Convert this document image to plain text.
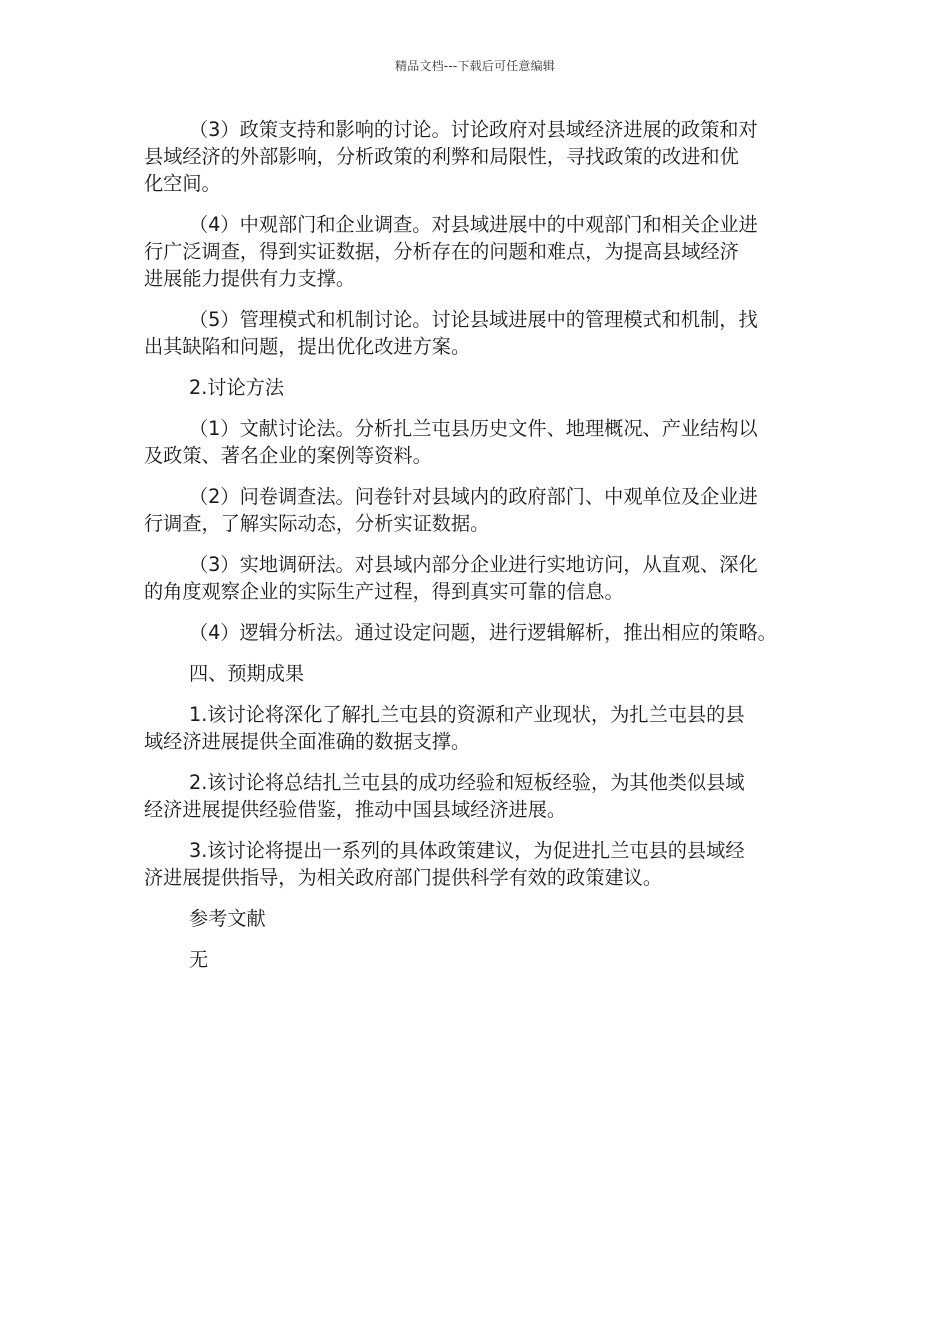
精品文档---下载后可任意编辑

（3）政策支持和影响的讨论。讨论政府对县域经济进展的政策和对
县域经济的外部影响，分析政策的利弊和局限性，寻找政策的改进和优
化空间。

（4）中观部门和企业调查。对县域进展中的中观部门和相关企业进
行广泛调查，得到实证数据，分析存在的问题和难点，为提高县域经济
进展能力提供有力支撑。

（5）管理模式和机制讨论。讨论县域进展中的管理模式和机制，找
出其缺陷和问题，提出优化改进方案。

2.讨论方法

（1）文献讨论法。分析扎兰屯县历史文件、地理概况、产业结构以
及政策、著名企业的案例等资料。

（2）问卷调查法。问卷针对县域内的政府部门、中观单位及企业进
行调查，了解实际动态，分析实证数据。

（3）实地调研法。对县域内部分企业进行实地访问，从直观、深化
的角度观察企业的实际生产过程，得到真实可靠的信息。

（4）逻辑分析法。通过设定问题，进行逻辑解析，推出相应的策略。

四、预期成果

1.该讨论将深化了解扎兰屯县的资源和产业现状，为扎兰屯县的县
域经济进展提供全面准确的数据支撑。

2.该讨论将总结扎兰屯县的成功经验和短板经验，为其他类似县域
经济进展提供经验借鉴，推动中国县域经济进展。

3.该讨论将提出一系列的具体政策建议，为促进扎兰屯县的县域经
济进展提供指导，为相关政府部门提供科学有效的政策建议。

参考文献

无
